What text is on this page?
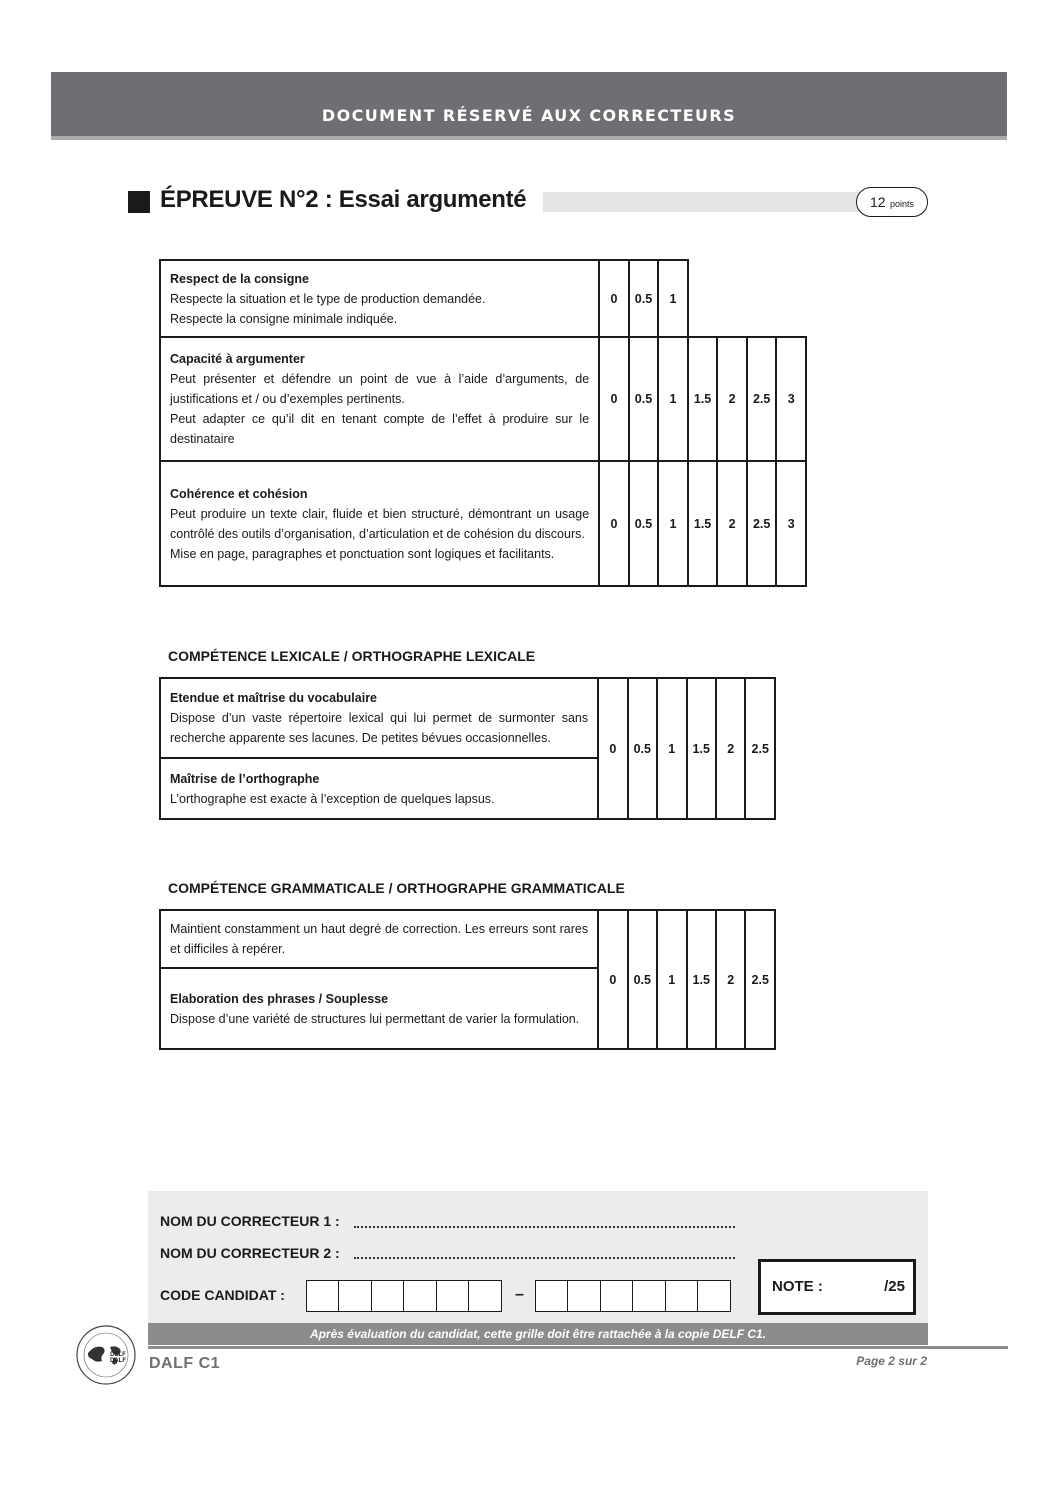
DOCUMENT RÉSERVÉ AUX CORRECTEURS
ÉPREUVE N°2 : Essai argumenté	12 points
Respect de la consigne
Respecte la situation et le type de production demandée.
Respecte la consigne minimale indiquée.	0	0.5	1				

Capacité à argumenter
Peut présenter et défendre un point de vue à l’aide d’arguments, de justifications et / ou d’exemples pertinents.
Peut adapter ce qu’il dit en tenant compte de l’effet à produire sur le destinataire	0	0.5	1	1.5	2	2.5	3

Cohérence et cohésion
Peut produire un texte clair, fluide et bien structuré, démontrant un usage contrôlé des outils d’organisation, d’articulation et de cohésion du discours.
Mise en page, paragraphes et ponctuation sont logiques et facilitants.	0	0.5	1	1.5	2	2.5	3
COMPÉTENCE LEXICALE / ORTHOGRAPHE LEXICALE
Etendue et maîtrise du vocabulaire
Dispose d’un vaste répertoire lexical qui lui permet de surmonter sans recherche apparente ses lacunes. De petites bévues occasionnelles.
	0	0.5	1	1.5	2	2.5

Maîtrise de l’orthographe
L’orthographe est exacte à l’exception de quelques lapsus.
COMPÉTENCE GRAMMATICALE / ORTHOGRAPHE GRAMMATICALE
Maintient constamment un haut degré de correction. Les erreurs sont rares et difficiles à repérer.
	0	0.5	1	1.5	2	2.5

Elaboration des phrases / Souplesse
Dispose d’une variété de structures lui permettant de varier la formulation.
NOM DU CORRECTEUR 1 :
NOM DU CORRECTEUR 2 :
CODE CANDIDAT :	–	NOTE :	/25
Après évaluation du candidat, cette grille doit être rattachée à la copie DELF C1.
DELF
DALF DALF C1	Page 2 sur 2
